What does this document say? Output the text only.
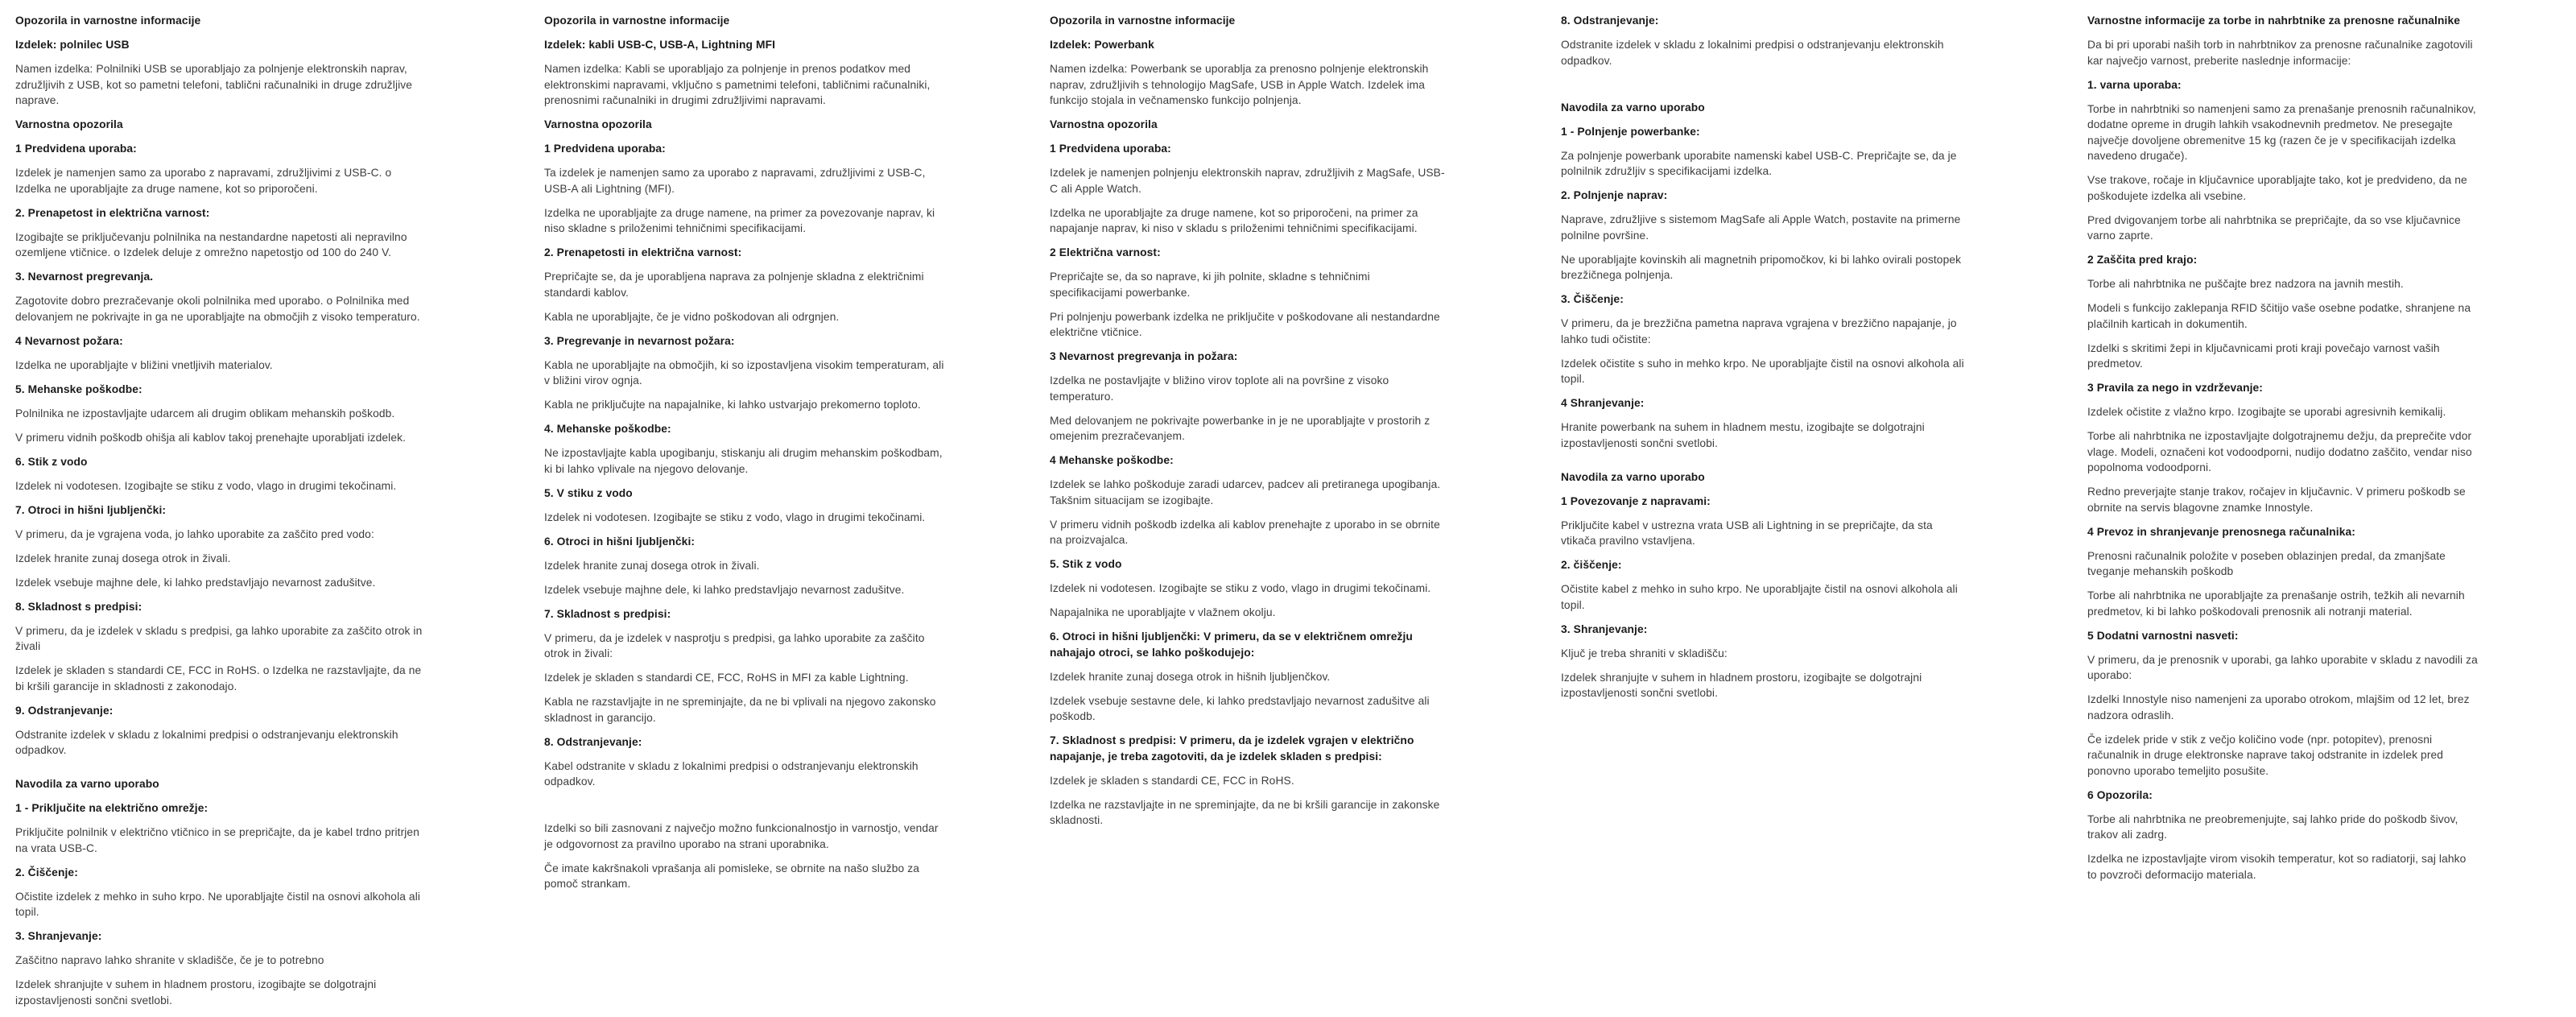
Opozorila in varnostne informacije
Izdelek: polnilec USB

Namen izdelka: Polnilniki USB se uporabljajo za polnjenje elektronskih naprav, združljivih z USB, kot so pametni telefoni, tablični računalniki in druge združljive naprave.

Varnostna opozorila
1 Predvidena uporaba:

Izdelek je namenjen samo za uporabo z napravami, združljivimi z USB-C. o Izdelka ne uporabljajte za druge namene, kot so priporočeni.

2. Prenapetost in električna varnost:

Izogibajte se priključevanju polnilnika na nestandardne napetosti ali nepravilno ozemljene vtičnice. o Izdelek deluje z omrežno napetostjo od 100 do 240 V.

3. Nevarnost pregrevanja.

Zagotovite dobro prezračevanje okoli polnilnika med uporabo. o Polnilnika med delovanjem ne pokrivajte in ga ne uporabljajte na območjih z visoko temperaturo.

4 Nevarnost požara:

Izdelka ne uporabljajte v bližini vnetljivih materialov.

5. Mehanske poškodbe:

Polnilnika ne izpostavljajte udarcem ali drugim oblikam mehanskih poškodb.

V primeru vidnih poškodb ohišja ali kablov takoj prenehajte uporabljati izdelek.

6. Stik z vodo

Izdelek ni vodotesen. Izogibajte se stiku z vodo, vlago in drugimi tekočinami.

7. Otroci in hišni ljubljenčki:

V primeru, da je vgrajena voda, jo lahko uporabite za zaščito pred vodo:

Izdelek hranite zunaj dosega otrok in živali.

Izdelek vsebuje majhne dele, ki lahko predstavljajo nevarnost zadušitve.

8. Skladnost s predpisi:

V primeru, da je izdelek v skladu s predpisi, ga lahko uporabite za zaščito otrok in živali

Izdelek je skladen s standardi CE, FCC in RoHS. o Izdelka ne razstavljajte, da ne bi kršili garancije in skladnosti z zakonodajo.

9. Odstranjevanje:

Odstranite izdelek v skladu z lokalnimi predpisi o odstranjevanju elektronskih odpadkov.

Navodila za varno uporabo
1 - Priključite na električno omrežje:

Priključite polnilnik v električno vtičnico in se prepričajte, da je kabel trdno pritrjen na vrata USB-C.

2. Čiščenje:

Očistite izdelek z mehko in suho krpo. Ne uporabljajte čistil na osnovi alkohola ali topil.

3. Shranjevanje:

Zaščitno napravo lahko shranite v skladišče, če je to potrebno

Izdelek shranjujte v suhem in hladnem prostoru, izogibajte se dolgotrajni izpostavljenosti sončni svetlobi.

Opozorila in varnostne informacije
Izdelek: kabli USB-C, USB-A, Lightning MFI

Namen izdelka: Kabli se uporabljajo za polnjenje in prenos podatkov med elektronskimi napravami, vključno s pametnimi telefoni, tabličnimi računalniki, prenosnimi računalniki in drugimi združljivimi napravami.

Varnostna opozorila
1 Predvidena uporaba:

Ta izdelek je namenjen samo za uporabo z napravami, združljivimi z USB-C, USB-A ali Lightning (MFI).

Izdelka ne uporabljajte za druge namene, na primer za povezovanje naprav, ki niso skladne s priloženimi tehničnimi specifikacijami.

2. Prenapetosti in električna varnost:

Prepričajte se, da je uporabljena naprava za polnjenje skladna z električnimi standardi kablov.

Kabla ne uporabljajte, če je vidno poškodovan ali odrgnjen.

3. Pregrevanje in nevarnost požara:

Kabla ne uporabljajte na območjih, ki so izpostavljena visokim temperaturam, ali v bližini virov ognja.

Kabla ne priključujte na napajalnike, ki lahko ustvarjajo prekomerno toploto.

4. Mehanske poškodbe:

Ne izpostavljajte kabla upogibanju, stiskanju ali drugim mehanskim poškodbam, ki bi lahko vplivale na njegovo delovanje.

5. V stiku z vodo

Izdelek ni vodotesen. Izogibajte se stiku z vodo, vlago in drugimi tekočinami.

6. Otroci in hišni ljubljenčki:

Izdelek hranite zunaj dosega otrok in živali.

Izdelek vsebuje majhne dele, ki lahko predstavljajo nevarnost zadušitve.

7. Skladnost s predpisi:

V primeru, da je izdelek v nasprotju s predpisi, ga lahko uporabite za zaščito otrok in živali:

Izdelek je skladen s standardi CE, FCC, RoHS in MFI za kable Lightning.

Kabla ne razstavljajte in ne spreminjajte, da ne bi vplivali na njegovo zakonsko skladnost in garancijo.

8. Odstranjevanje:

Kabel odstranite v skladu z lokalnimi predpisi o odstranjevanju elektronskih odpadkov.

Izdelki so bili zasnovani z največjo možno funkcionalnostjo in varnostjo, vendar je odgovornost za pravilno uporabo na strani uporabnika.

Če imate kakršnakoli vprašanja ali pomisleke, se obrnite na našo službo za pomoč strankam.

Opozorila in varnostne informacije
Izdelek: Powerbank

Namen izdelka: Powerbank se uporablja za prenosno polnjenje elektronskih naprav, združljivih s tehnologijo MagSafe, USB in Apple Watch. Izdelek ima funkcijo stojala in večnamensko funkcijo polnjenja.

Varnostna opozorila
1 Predvidena uporaba:

Izdelek je namenjen polnjenju elektronskih naprav, združljivih z MagSafe, USB-C ali Apple Watch.

Izdelka ne uporabljajte za druge namene, kot so priporočeni, na primer za napajanje naprav, ki niso v skladu s priloženimi tehničnimi specifikacijami.

2 Električna varnost:

Prepričajte se, da so naprave, ki jih polnite, skladne s tehničnimi specifikacijami powerbanke.

Pri polnjenju powerbank izdelka ne priključite v poškodovane ali nestandardne električne vtičnice.

3 Nevarnost pregrevanja in požara:

Izdelka ne postavljajte v bližino virov toplote ali na površine z visoko temperaturo.

Med delovanjem ne pokrivajte powerbanke in je ne uporabljajte v prostorih z omejenim prezračevanjem.

4 Mehanske poškodbe:

Izdelek se lahko poškoduje zaradi udarcev, padcev ali pretiranega upogibanja. Takšnim situacijam se izogibajte.

V primeru vidnih poškodb izdelka ali kablov prenehajte z uporabo in se obrnite na proizvajalca.

5. Stik z vodo

Izdelek ni vodotesen. Izogibajte se stiku z vodo, vlago in drugimi tekočinami.

Napajalnika ne uporabljajte v vlažnem okolju.

6. Otroci in hišni ljubljenčki: V primeru, da se v električnem omrežju nahajajo otroci, se lahko poškodujejo:

Izdelek hranite zunaj dosega otrok in hišnih ljubljenčkov.

Izdelek vsebuje sestavne dele, ki lahko predstavljajo nevarnost zadušitve ali poškodb.

7. Skladnost s predpisi: V primeru, da je izdelek vgrajen v električno napajanje, je treba zagotoviti, da je izdelek skladen s predpisi:

Izdelek je skladen s standardi CE, FCC in RoHS.

Izdelka ne razstavljajte in ne spreminjajte, da ne bi kršili garancije in zakonske skladnosti.

8. Odstranjevanje:

Odstranite izdelek v skladu z lokalnimi predpisi o odstranjevanju elektronskih odpadkov.

Navodila za varno uporabo
1 - Polnjenje powerbanke:

Za polnjenje powerbank uporabite namenski kabel USB-C. Prepričajte se, da je polnilnik združljiv s specifikacijami izdelka.

2. Polnjenje naprav:

Naprave, združljive s sistemom MagSafe ali Apple Watch, postavite na primerne polnilne površine.

Ne uporabljajte kovinskih ali magnetnih pripomočkov, ki bi lahko ovirali postopek brezžičnega polnjenja.

3. Čiščenje:

V primeru, da je brezžična pametna naprava vgrajena v brezžično napajanje, jo lahko tudi očistite:

Izdelek očistite s suho in mehko krpo. Ne uporabljajte čistil na osnovi alkohola ali topil.

4 Shranjevanje:

Hranite powerbank na suhem in hladnem mestu, izogibajte se dolgotrajni izpostavljenosti sončni svetlobi.

Navodila za varno uporabo
1 Povezovanje z napravami:

Priključite kabel v ustrezna vrata USB ali Lightning in se prepričajte, da sta vtikača pravilno vstavljena.

2. čiščenje:

Očistite kabel z mehko in suho krpo. Ne uporabljajte čistil na osnovi alkohola ali topil.

3. Shranjevanje:

Ključ je treba shraniti v skladišču:

Izdelek shranjujte v suhem in hladnem prostoru, izogibajte se dolgotrajni izpostavljenosti sončni svetlobi.

Varnostne informacije za torbe in nahrbtnike za prenosne računalnike

Da bi pri uporabi naših torb in nahrbtnikov za prenosne računalnike zagotovili kar največjo varnost, preberite naslednje informacije:

1. varna uporaba:

Torbe in nahrbtniki so namenjeni samo za prenašanje prenosnih računalnikov, dodatne opreme in drugih lahkih vsakodnevnih predmetov. Ne presegajte največje dovoljene obremenitve 15 kg (razen če je v specifikacijah izdelka navedeno drugače).

Vse trakove, ročaje in ključavnice uporabljajte tako, kot je predvideno, da ne poškodujete izdelka ali vsebine.

Pred dvigovanjem torbe ali nahrbtnika se prepričajte, da so vse ključavnice varno zaprte.

2 Zaščita pred krajo:

Torbe ali nahrbtnika ne puščajte brez nadzora na javnih mestih.

Modeli s funkcijo zaklepanja RFID ščitijo vaše osebne podatke, shranjene na plačilnih karticah in dokumentih.

Izdelki s skritimi žepi in ključavnicami proti kraji povečajo varnost vaših predmetov.

3 Pravila za nego in vzdrževanje:

Izdelek očistite z vlažno krpo. Izogibajte se uporabi agresivnih kemikalij.

Torbe ali nahrbtnika ne izpostavljajte dolgotrajnemu dežju, da preprečite vdor vlage. Modeli, označeni kot vodoodporni, nudijo dodatno zaščito, vendar niso popolnoma vodoodporni.

Redno preverjajte stanje trakov, ročajev in ključavnic. V primeru poškodb se obrnite na servis blagovne znamke Innostyle.

4 Prevoz in shranjevanje prenosnega računalnika:

Prenosni računalnik položite v poseben oblazinjen predal, da zmanjšate tveganje mehanskih poškodb

Torbe ali nahrbtnika ne uporabljajte za prenašanje ostrih, težkih ali nevarnih predmetov, ki bi lahko poškodovali prenosnik ali notranji material.

5 Dodatni varnostni nasveti:

V primeru, da je prenosnik v uporabi, ga lahko uporabite v skladu z navodili za uporabo:

Izdelki Innostyle niso namenjeni za uporabo otrokom, mlajšim od 12 let, brez nadzora odraslih.

Če izdelek pride v stik z večjo količino vode (npr. potopitev), prenosni računalnik in druge elektronske naprave takoj odstranite in izdelek pred ponovno uporabo temeljito posušite.

6 Opozorila:

Torbe ali nahrbtnika ne preobremenjujte, saj lahko pride do poškodb šivov, trakov ali zadrg.

Izdelka ne izpostavljajte virom visokih temperatur, kot so radiatorji, saj lahko to povzroči deformacijo materiala.
